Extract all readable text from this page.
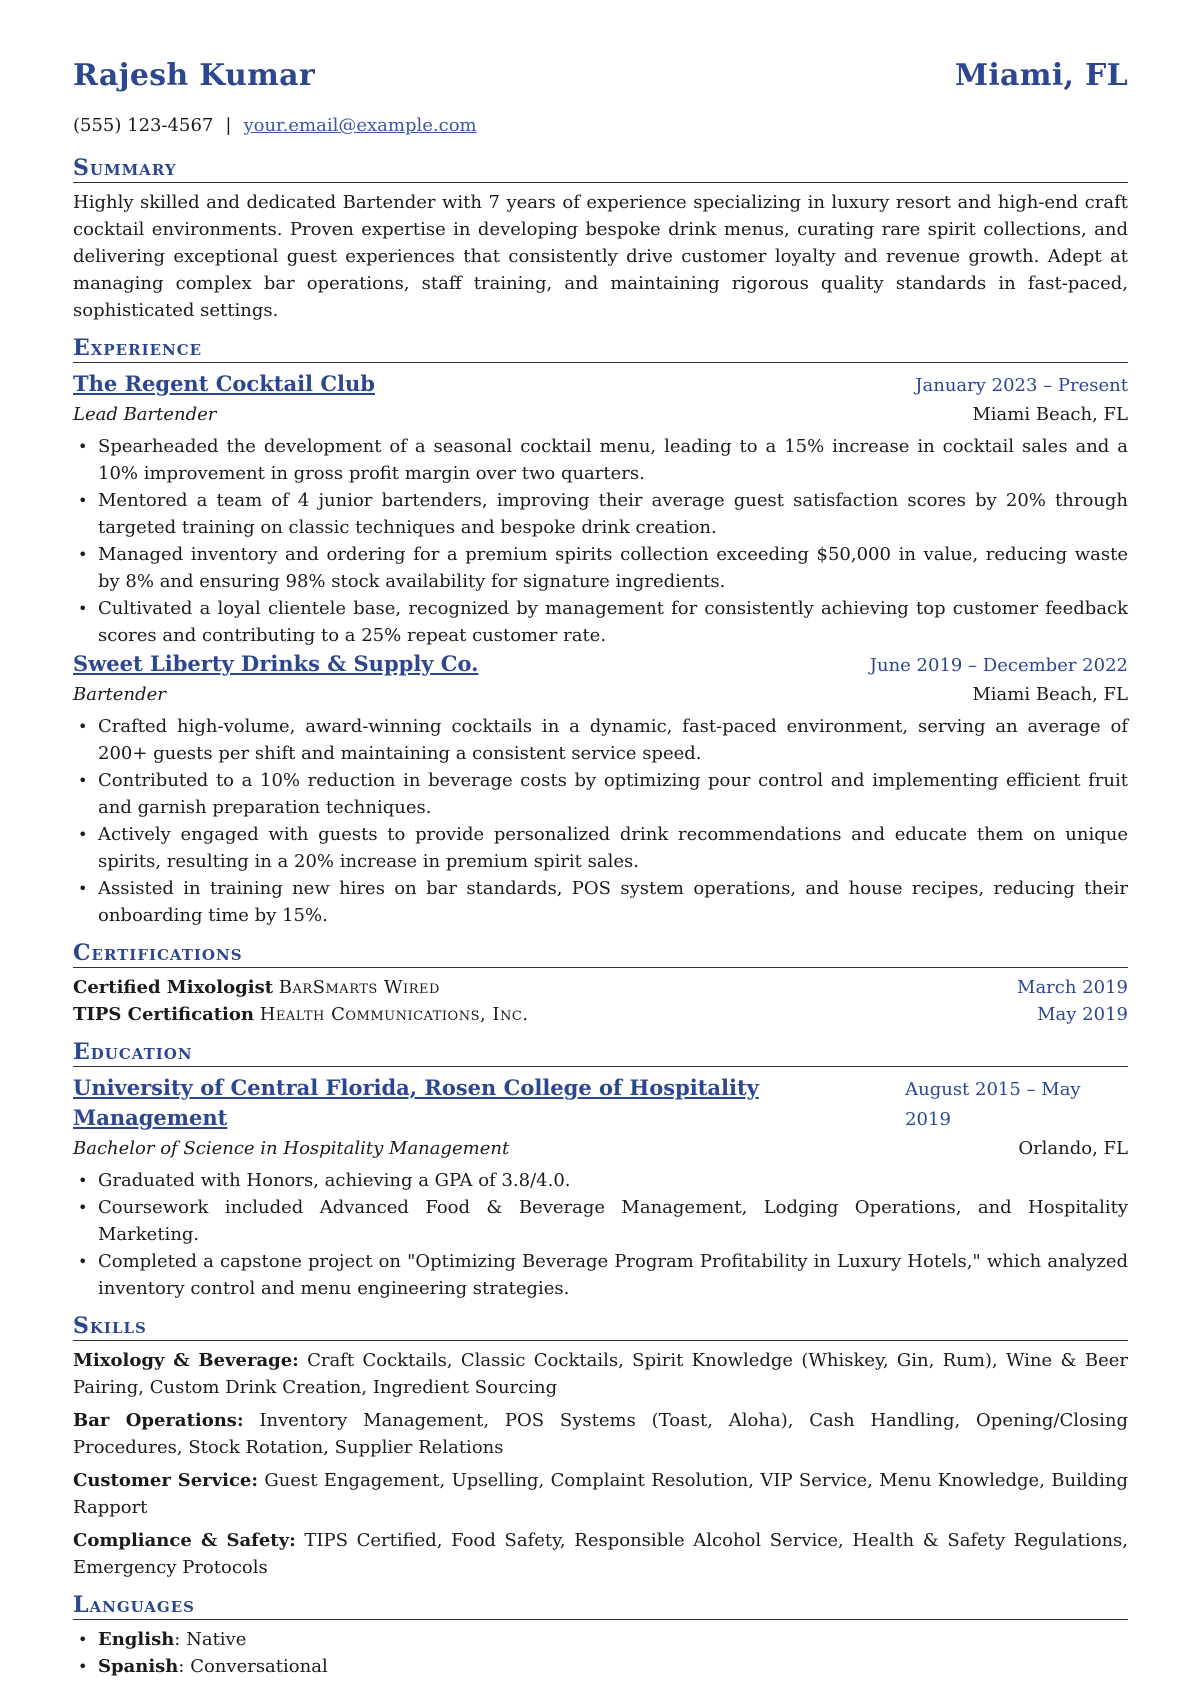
Rajesh Kumar	Miami, FL
(555) 123-4567 | your.email@example.com
Summary

Highly skilled and dedicated Bartender with 7 years of experience specializing in luxury resort and high-end craft cocktail environments. Proven expertise in developing bespoke drink menus, curating rare spirit collections, and delivering exceptional guest experiences that consistently drive customer loyalty and revenue growth. Adept at managing complex bar operations, staff training, and maintaining rigorous quality standards in fast-paced, sophisticated settings.

Experience
The Regent Cocktail Club	January 2023 – Present
Lead Bartender	Miami Beach, FL
• Spearheaded the development of a seasonal cocktail menu, leading to a 15% increase in cocktail sales and a 10% improvement in gross profit margin over two quarters.
• Mentored a team of 4 junior bartenders, improving their average guest satisfaction scores by 20% through targeted training on classic techniques and bespoke drink creation.
• Managed inventory and ordering for a premium spirits collection exceeding $50,000 in value, reducing waste by 8% and ensuring 98% stock availability for signature ingredients.
• Cultivated a loyal clientele base, recognized by management for consistently achieving top customer feedback scores and contributing to a 25% repeat customer rate.
Sweet Liberty Drinks & Supply Co.	June 2019 – December 2022
Bartender	Miami Beach, FL
• Crafted high-volume, award-winning cocktails in a dynamic, fast-paced environment, serving an average of 200+ guests per shift and maintaining a consistent service speed.
• Contributed to a 10% reduction in beverage costs by optimizing pour control and implementing efficient fruit and garnish preparation techniques.
• Actively engaged with guests to provide personalized drink recommendations and educate them on unique spirits, resulting in a 20% increase in premium spirit sales.
• Assisted in training new hires on bar standards, POS system operations, and house recipes, reducing their onboarding time by 15%.
Certifications
Certified Mixologist BarSmarts Wired	March 2019
TIPS Certification Health Communications, Inc.	May 2019
Education
University of Central Florida, Rosen College of Hospitality Management
August 2015 – May 2019
Bachelor of Science in Hospitality Management	Orlando, FL
• Graduated with Honors, achieving a GPA of 3.8/4.0.
• Coursework included Advanced Food & Beverage Management, Lodging Operations, and Hospitality Marketing.
• Completed a capstone project on "Optimizing Beverage Program Profitability in Luxury Hotels," which analyzed inventory control and menu engineering strategies.
Skills
Mixology & Beverage: Craft Cocktails, Classic Cocktails, Spirit Knowledge (Whiskey, Gin, Rum), Wine & Beer Pairing, Custom Drink Creation, Ingredient Sourcing
Bar Operations: Inventory Management, POS Systems (Toast, Aloha), Cash Handling, Opening/Closing Procedures, Stock Rotation, Supplier Relations
Customer Service: Guest Engagement, Upselling, Complaint Resolution, VIP Service, Menu Knowledge, Building Rapport
Compliance & Safety: TIPS Certified, Food Safety, Responsible Alcohol Service, Health & Safety Regulations, Emergency Protocols
Languages
• English: Native
• Spanish: Conversational
